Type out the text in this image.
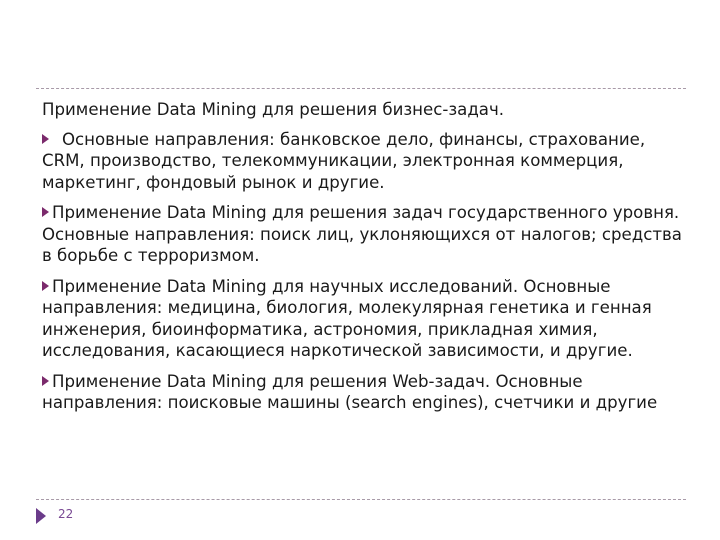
Применение Data Mining для решения бизнес-задач.

Основные направления: банковское дело, финансы, страхование, CRM, производство, телекоммуникации, электронная коммерция, маркетинг, фондовый рынок и другие.

Применение Data Mining для решения задач государственного уровня. Основные направления: поиск лиц, уклоняющихся от налогов; средства в борьбе с терроризмом.

Применение Data Mining для научных исследований. Основные направления: медицина, биология, молекулярная генетика и генная инженерия, биоинформатика, астрономия, прикладная химия, исследования, касающиеся наркотической зависимости, и другие.

Применение Data Mining для решения Web-задач. Основные направления: поисковые машины (search engines), счетчики и другие

22
